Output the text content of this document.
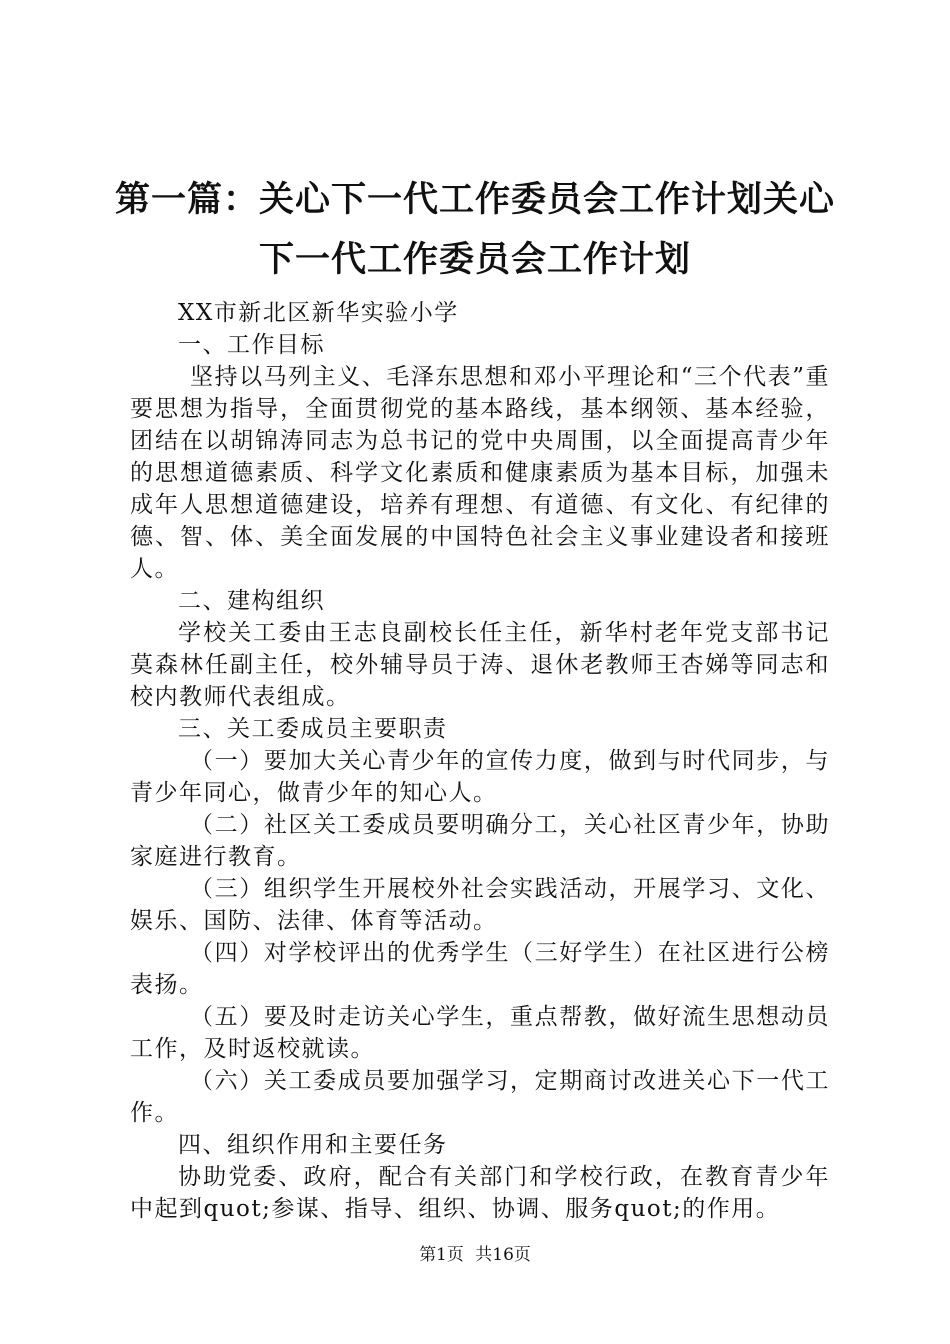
第一篇：关心下一代工作委员会工作计划关心下一代工作委员会工作计划

XX市新北区新华实验小学

一、工作目标

坚持以马列主义、毛泽东思想和邓小平理论和“三个代表”重要思想为指导，全面贯彻党的基本路线，基本纲领、基本经验，团结在以胡锦涛同志为总书记的党中央周围，以全面提高青少年的思想道德素质、科学文化素质和健康素质为基本目标，加强未成年人思想道德建设，培养有理想、有道德、有文化、有纪律的德、智、体、美全面发展的中国特色社会主义事业建设者和接班人。

二、建构组织

学校关工委由王志良副校长任主任，新华村老年党支部书记莫森林任副主任，校外辅导员于涛、退休老教师王杏娣等同志和校内教师代表组成。

三、关工委成员主要职责

（一）要加大关心青少年的宣传力度，做到与时代同步，与青少年同心，做青少年的知心人。

（二）社区关工委成员要明确分工，关心社区青少年，协助家庭进行教育。

（三）组织学生开展校外社会实践活动，开展学习、文化、娱乐、国防、法律、体育等活动。

（四）对学校评出的优秀学生（三好学生）在社区进行公榜表扬。

（五）要及时走访关心学生，重点帮教，做好流生思想动员工作，及时返校就读。

（六）关工委成员要加强学习，定期商讨改进关心下一代工作。

四、组织作用和主要任务

协助党委、政府，配合有关部门和学校行政，在教育青少年中起到quot;参谋、指导、组织、协调、服务quot;的作用。

第1页 共16页
